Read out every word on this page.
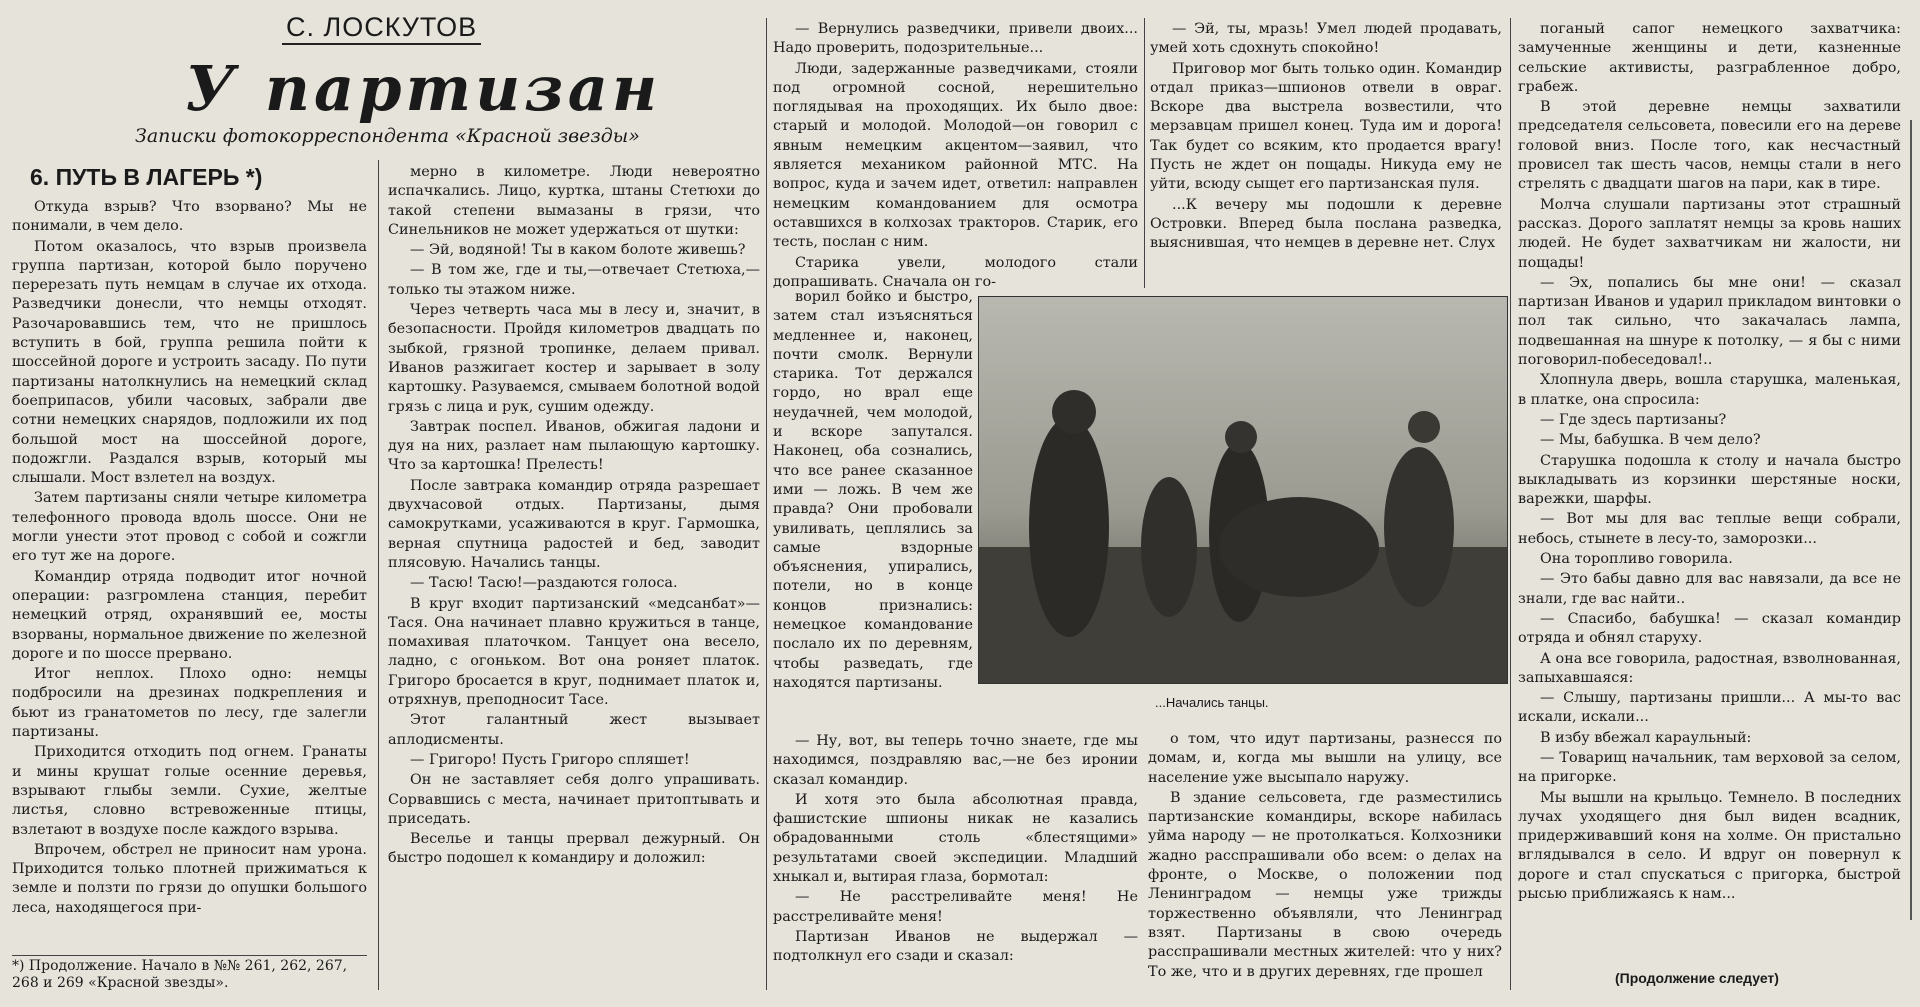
С. ЛОСКУТОВ
У партизан
Записки фотокорреспондента «Красной звезды»
6. ПУТЬ В ЛАГЕРЬ *)

Откуда взрыв? Что взорвано? Мы не понимали, в чем дело.

Потом оказалось, что взрыв произвела группа партизан, которой было поручено перерезать путь немцам в случае их отхода. Разведчики донесли, что немцы отходят. Разочаровавшись тем, что не пришлось вступить в бой, группа решила пойти к шоссейной дороге и устроить засаду. По пути партизаны натолкнулись на немецкий склад боеприпасов, убили часовых, забрали две сотни немецких снарядов, подложили их под большой мост на шоссейной дороге, подожгли. Раздался взрыв, который мы слышали. Мост взлетел на воздух.

Затем партизаны сняли четыре километра телефонного провода вдоль шоссе. Они не могли унести этот провод с собой и сожгли его тут же на дороге.

Командир отряда подводит итог ночной операции: разгромлена станция, перебит немецкий отряд, охранявший ее, мосты взорваны, нормальное движение по железной дороге и по шоссе прервано.

Итог неплох. Плохо одно: немцы подбросили на дрезинах подкрепления и бьют из гранатометов по лесу, где залегли партизаны.

Приходится отходить под огнем. Гранаты и мины крушат голые осенние деревья, взрывают глыбы земли. Сухие, желтые листья, словно встревоженные птицы, взлетают в воздухе после каждого взрыва.

Впрочем, обстрел не приносит нам урона. Приходится только плотней прижиматься к земле и ползти по грязи до опушки большого леса, находящегося при-

*) Продолжение. Начало в №№ 261, 262, 267, 268 и 269 «Красной звезды».

мерно в километре. Люди невероятно испачкались. Лицо, куртка, штаны Стетюхи до такой степени вымазаны в грязи, что Синельников не может удержаться от шутки:

— Эй, водяной! Ты в каком болоте живешь?

— В том же, где и ты,—отвечает Стетюха,—только ты этажом ниже.

Через четверть часа мы в лесу и, значит, в безопасности. Пройдя километров двадцать по зыбкой, грязной тропинке, делаем привал. Иванов разжигает костер и зарывает в золу картошку. Разуваемся, смываем болотной водой грязь с лица и рук, сушим одежду.

Завтрак поспел. Иванов, обжигая ладони и дуя на них, разлает нам пылающую картошку. Что за картошка! Прелесть!

После завтрака командир отряда разрешает двухчасовой отдых. Партизаны, дымя самокрутками, усаживаются в круг. Гармошка, верная спутница радостей и бед, заводит плясовую. Начались танцы.

— Тасю! Тасю!—раздаются голоса.

В круг входит партизанский «медсанбат»— Тася. Она начинает плавно кружиться в танце, помахивая платочком. Танцует она весело, ладно, с огоньком. Вот она роняет платок. Григоро бросается в круг, поднимает платок и, отряхнув, преподносит Тасе.

Этот галантный жест вызывает аплодисменты.

— Григоро! Пусть Григоро спляшет!

Он не заставляет себя долго упрашивать. Сорвавшись с места, начинает притоптывать и приседать.

Веселье и танцы прервал дежурный. Он быстро подошел к командиру и доложил:

— Вернулись разведчики, привели двоих... Надо проверить, подозрительные...

Люди, задержанные разведчиками, стояли под огромной сосной, нерешительно поглядывая на проходящих. Их было двое: старый и молодой. Молодой—он говорил с явным немецким акцентом—заявил, что является механиком районной МТС. На вопрос, куда и зачем идет, ответил: направлен немецким командованием для осмотра оставшихся в колхозах тракторов. Старик, его тесть, послан с ним.

Старика увели, молодого стали допрашивать. Сначала он го-

ворил бойко и быстро, затем стал изъясняться медленнее и, наконец, почти смолк. Вернули старика. Тот держался гордо, но врал еще неудачней, чем молодой, и вскоре запутался. Наконец, оба сознались, что все ранее сказанное ими — ложь. В чем же правда? Они пробовали увиливать, цеплялись за самые вздорные объяснения, упирались, потели, но в конце концов признались: немецкое командование послало их по деревням, чтобы разведать, где находятся партизаны.

— Ну, вот, вы теперь точно знаете, где мы находимся, поздравляю вас,—не без иронии сказал командир.

И хотя это была абсолютная правда, фашистские шпионы никак не казались обрадованными столь «блестящими» результатами своей экспедиции. Младший хныкал и, вытирая глаза, бормотал:

— Не расстреливайте меня! Не расстреливайте меня!

Партизан Иванов не выдержал — подтолкнул его сзади и сказал:

— Эй, ты, мразь! Умел людей продавать, умей хоть сдохнуть спокойно!

Приговор мог быть только один. Командир отдал приказ—шпионов отвели в овраг. Вскоре два выстрела возвестили, что мерзавцам пришел конец. Туда им и дорога! Так будет со всяким, кто продается врагу! Пусть не ждет он пощады. Никуда ему не уйти, всюду сыщет его партизанская пуля.

...К вечеру мы подошли к деревне Островки. Вперед была послана разведка, выяснившая, что немцев в деревне нет. Слух

о том, что идут партизаны, разнесся по домам, и, когда мы вышли на улицу, все население уже высыпало наружу.

В здание сельсовета, где разместились партизанские командиры, вскоре набилась уйма народу — не протолкаться. Колхозники жадно расспрашивали обо всем: о делах на фронте, о Москве, о положении под Ленинградом — немцы уже трижды торжественно объявляли, что Ленинград взят. Партизаны в свою очередь расспрашивали местных жителей: что у них? То же, что и в других деревнях, где прошел

поганый сапог немецкого захватчика: замученные женщины и дети, казненные сельские активисты, разграбленное добро, грабеж.

В этой деревне немцы захватили председателя сельсовета, повесили его на дереве головой вниз. После того, как несчастный провисел так шесть часов, немцы стали в него стрелять с двадцати шагов на пари, как в тире.

Молча слушали партизаны этот страшный рассказ. Дорого заплатят немцы за кровь наших людей. Не будет захватчикам ни жалости, ни пощады!

— Эх, попались бы мне они! — сказал партизан Иванов и ударил прикладом винтовки о пол так сильно, что закачалась лампа, подвешанная на шнуре к потолку, — я бы с ними поговорил-побеседовал!..

Хлопнула дверь, вошла старушка, маленькая, в платке, она спросила:

— Где здесь партизаны?

— Мы, бабушка. В чем дело?

Старушка подошла к столу и начала быстро выкладывать из корзинки шерстяные носки, варежки, шарфы.

— Вот мы для вас теплые вещи собрали, небось, стынете в лесу-то, заморозки...

Она торопливо говорила.

— Это бабы давно для вас навязали, да все не знали, где вас найти..

— Спасибо, бабушка! — сказал командир отряда и обнял старуху.

А она все говорила, радостная, взволнованная, запыхавшаяся:

— Слышу, партизаны пришли... А мы-то вас искали, искали...

В избу вбежал караульный:

— Товарищ начальник, там верховой за селом, на пригорке.

Мы вышли на крыльцо. Темнело. В последних лучах уходящего дня был виден всадник, придерживавший коня на холме. Он пристально вглядывался в село. И вдруг он повернул к дороге и стал спускаться с пригорка, быстрой рысью приближаясь к нам...

...Начались танцы.
(Продолжение следует)
